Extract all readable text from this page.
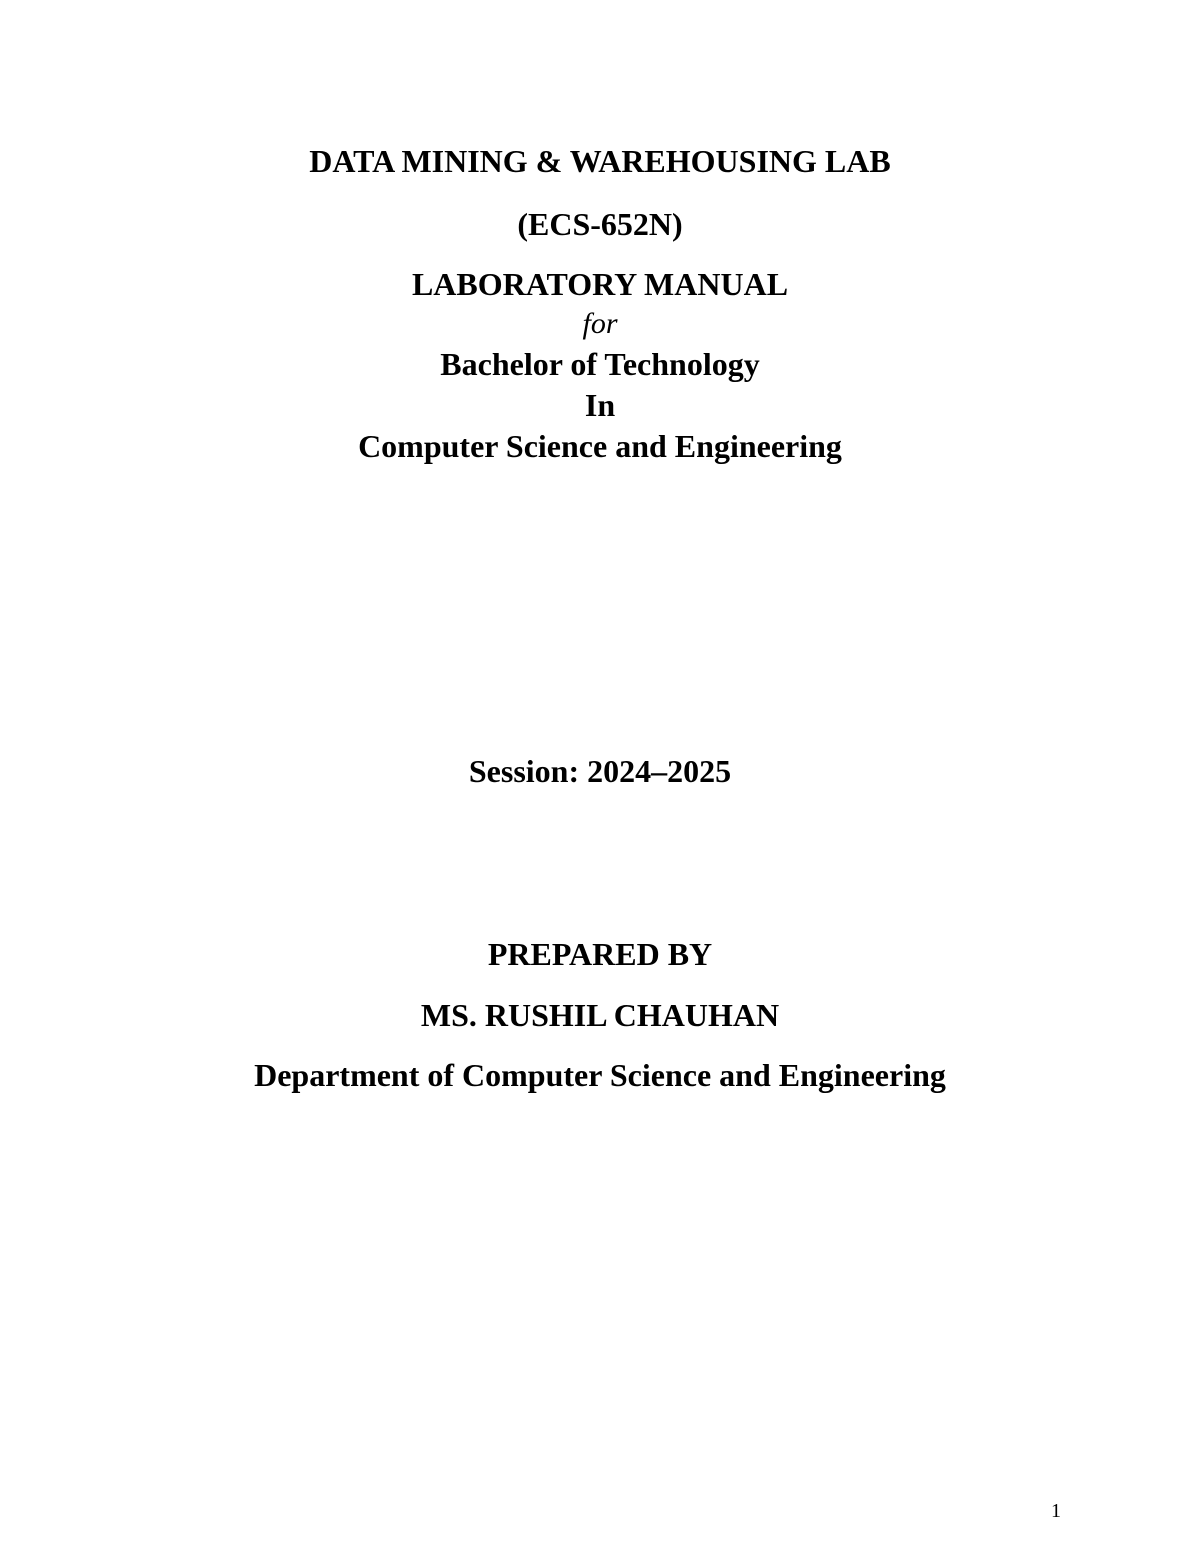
DATA MINING & WAREHOUSING LAB
(ECS-652N)
LABORATORY MANUAL
for
Bachelor of Technology
In
Computer Science and Engineering
Session: 2024–2025
PREPARED BY
MS. RUSHIL CHAUHAN
Department of Computer Science and Engineering
1
